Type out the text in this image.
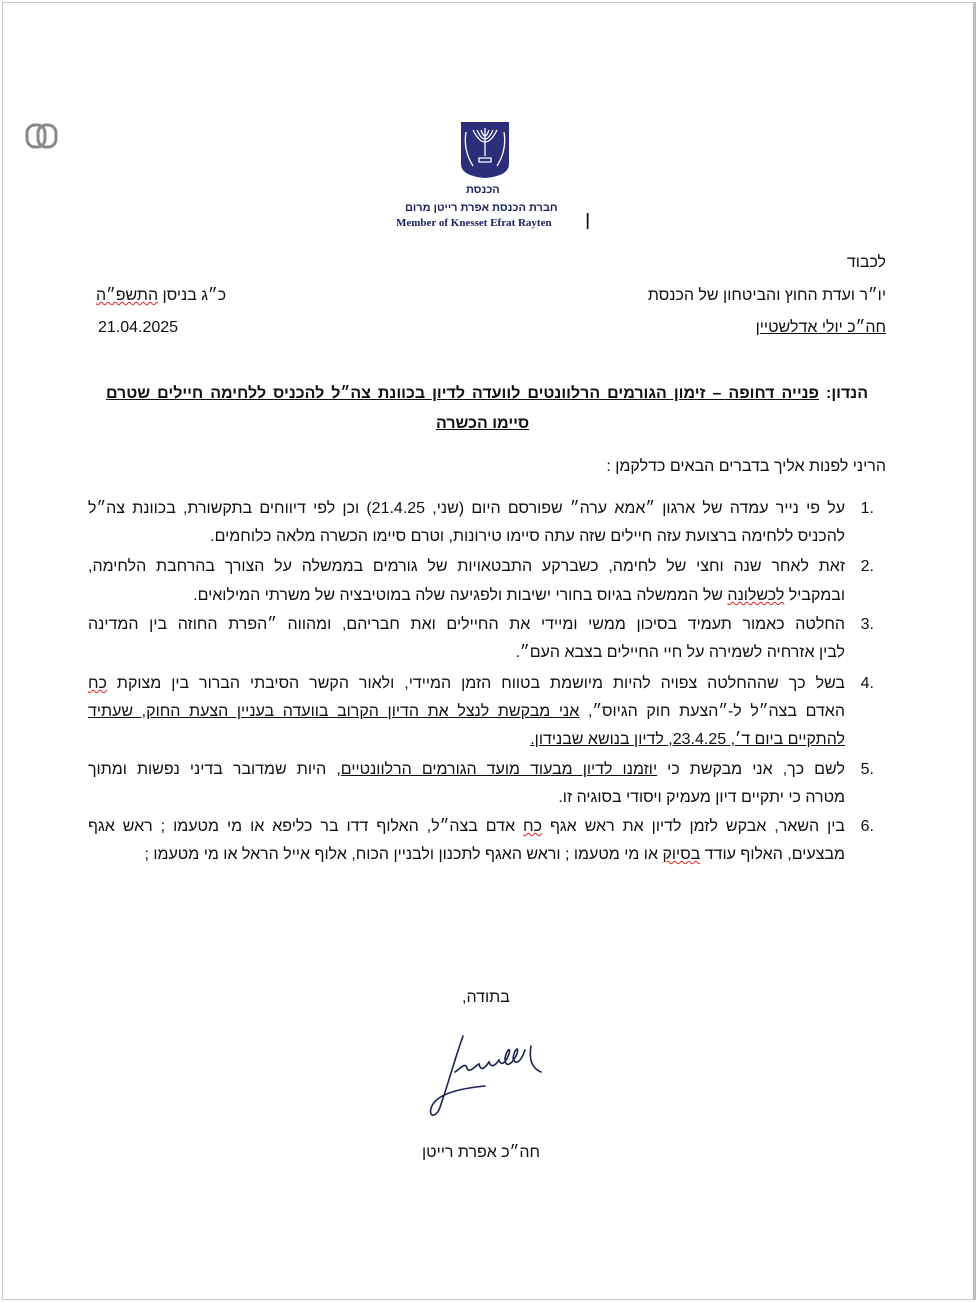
הכנסת
חברת הכנסת אפרת רייטן מרום
Member of Knesset Efrat Rayten ן
לכבוד
יו״ר ועדת החוץ והביטחון של הכנסת
חה״כ יולי אדלשטיין
כ״ג בניסן התשפ״ה
21.04.2025
הנדון: פנייה דחופה – זימון הגורמים הרלוונטים לוועדה לדיון בכוונת צה״ל להכניס ללחימה חיילים שטרם
סיימו הכשרה
הריני לפנות אליך בדברים הבאים כדלקמן :
1.
על פי נייר עמדה של ארגון ״אמא ערה״ שפורסם היום (שני, 21.4.25) וכן לפי דיווחים בתקשורת, בכוונת צה״ל
להכניס ללחימה ברצועת עזה חיילים שזה עתה סיימו טירונות, וטרם סיימו הכשרה מלאה כלוחמים.
2.
זאת לאחר שנה וחצי של לחימה, כשברקע התבטאויות של גורמים בממשלה על הצורך בהרחבת הלחימה,
ובמקביל לכשלונה של הממשלה בגיוס בחורי ישיבות ולפגיעה שלה במוטיבציה של משרתי המילואים.
3.
החלטה כאמור תעמיד בסיכון ממשי ומיידי את החיילים ואת חבריהם, ומהווה ״הפרת החוזה בין המדינה
לבין אזרחיה לשמירה על חיי החיילים בצבא העם״.
4.
בשל כך שההחלטה צפויה להיות מיושמת בטווח הזמן המיידי, ולאור הקשר הסיבתי הברור בין מצוקת כח
האדם בצה״ל ל-״הצעת חוק הגיוס״, אני מבקשת לנצל את הדיון הקרוב בוועדה בעניין הצעת החוק, שעתיד
להתקיים ביום ד׳, 23.4.25, לדיון בנושא שבנידון.
5.
לשם כך, אני מבקשת כי יוזמנו לדיון מבעוד מועד הגורמים הרלוונטיים, היות שמדובר בדיני נפשות ומתוך
מטרה כי יתקיים דיון מעמיק ויסודי בסוגיה זו.
6.
בין השאר, אבקש לזמן לדיון את ראש אגף כח אדם בצה״ל, האלוף דדו בר כליפא או מי מטעמו ; ראש אגף
מבצעים, האלוף עודד בסיוק או מי מטעמו ; וראש האגף לתכנון ולבניין הכוח, אלוף אייל הראל או מי מטעמו ;
בתודה,
חה״כ אפרת רייטן
